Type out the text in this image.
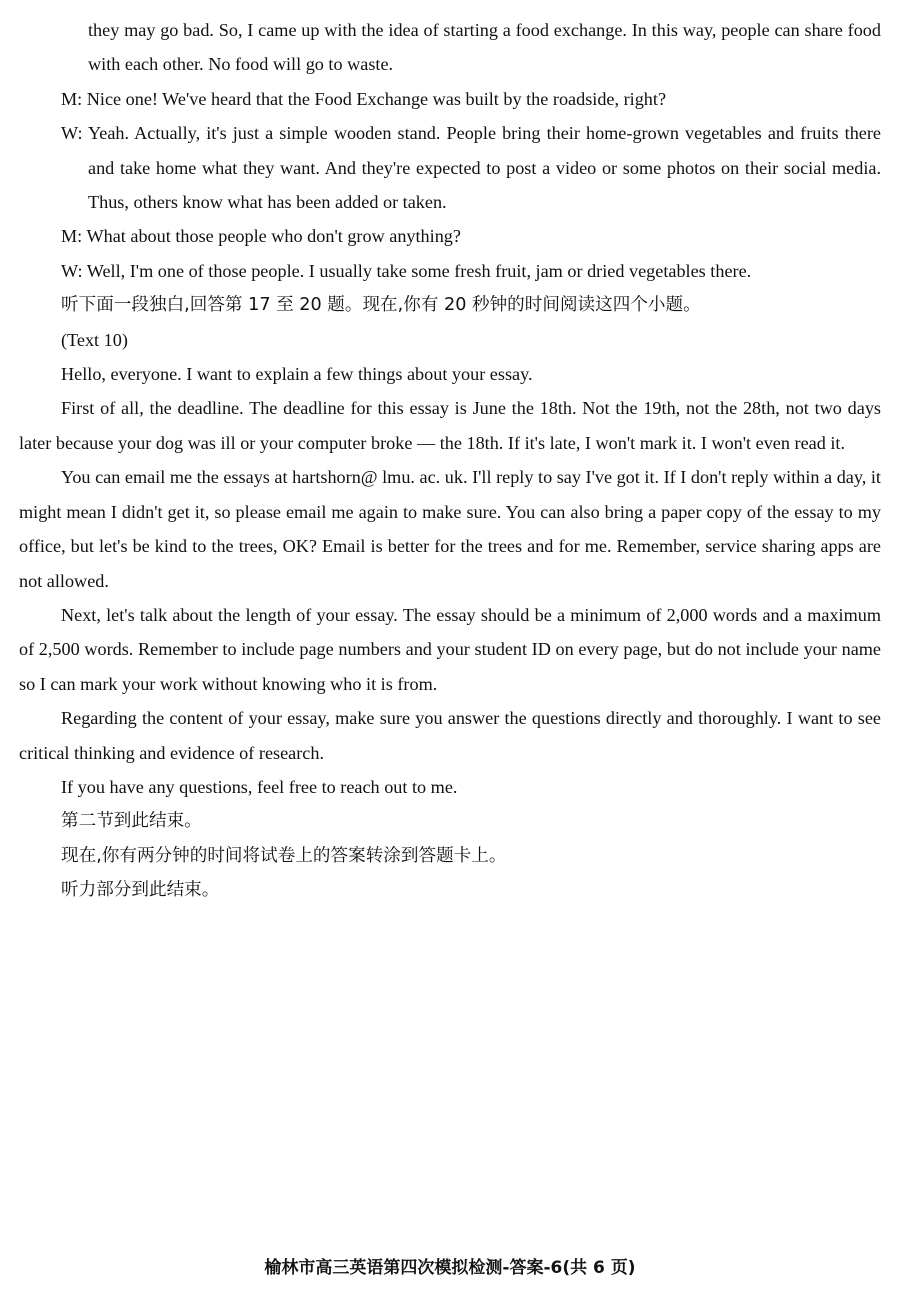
they may go bad. So, I came up with the idea of starting a food exchange. In this way, people can share food with each other. No food will go to waste.

M: Nice one! We've heard that the Food Exchange was built by the roadside, right?

W: Yeah. Actually, it's just a simple wooden stand. People bring their home-grown vegetables and fruits there and take home what they want. And they're expected to post a video or some photos on their social media. Thus, others know what has been added or taken.

M: What about those people who don't grow anything?

W: Well, I'm one of those people. I usually take some fresh fruit, jam or dried vegetables there.

听下面一段独白,回答第 17 至 20 题。现在,你有 20 秒钟的时间阅读这四个小题。

(Text 10)

Hello, everyone. I want to explain a few things about your essay.

First of all, the deadline. The deadline for this essay is June the 18th. Not the 19th, not the 28th, not two days later because your dog was ill or your computer broke — the 18th. If it's late, I won't mark it. I won't even read it.

You can email me the essays at hartshorn@ lmu. ac. uk. I'll reply to say I've got it. If I don't reply within a day, it might mean I didn't get it, so please email me again to make sure. You can also bring a paper copy of the essay to my office, but let's be kind to the trees, OK? Email is better for the trees and for me. Remember, service sharing apps are not allowed.

Next, let's talk about the length of your essay. The essay should be a minimum of 2,000 words and a maximum of 2,500 words. Remember to include page numbers and your student ID on every page, but do not include your name so I can mark your work without knowing who it is from.

Regarding the content of your essay, make sure you answer the questions directly and thoroughly. I want to see critical thinking and evidence of research.

If you have any questions, feel free to reach out to me.

第二节到此结束。

现在,你有两分钟的时间将试卷上的答案转涂到答题卡上。

听力部分到此结束。

榆林市高三英语第四次模拟检测-答案-6(共 6 页)
